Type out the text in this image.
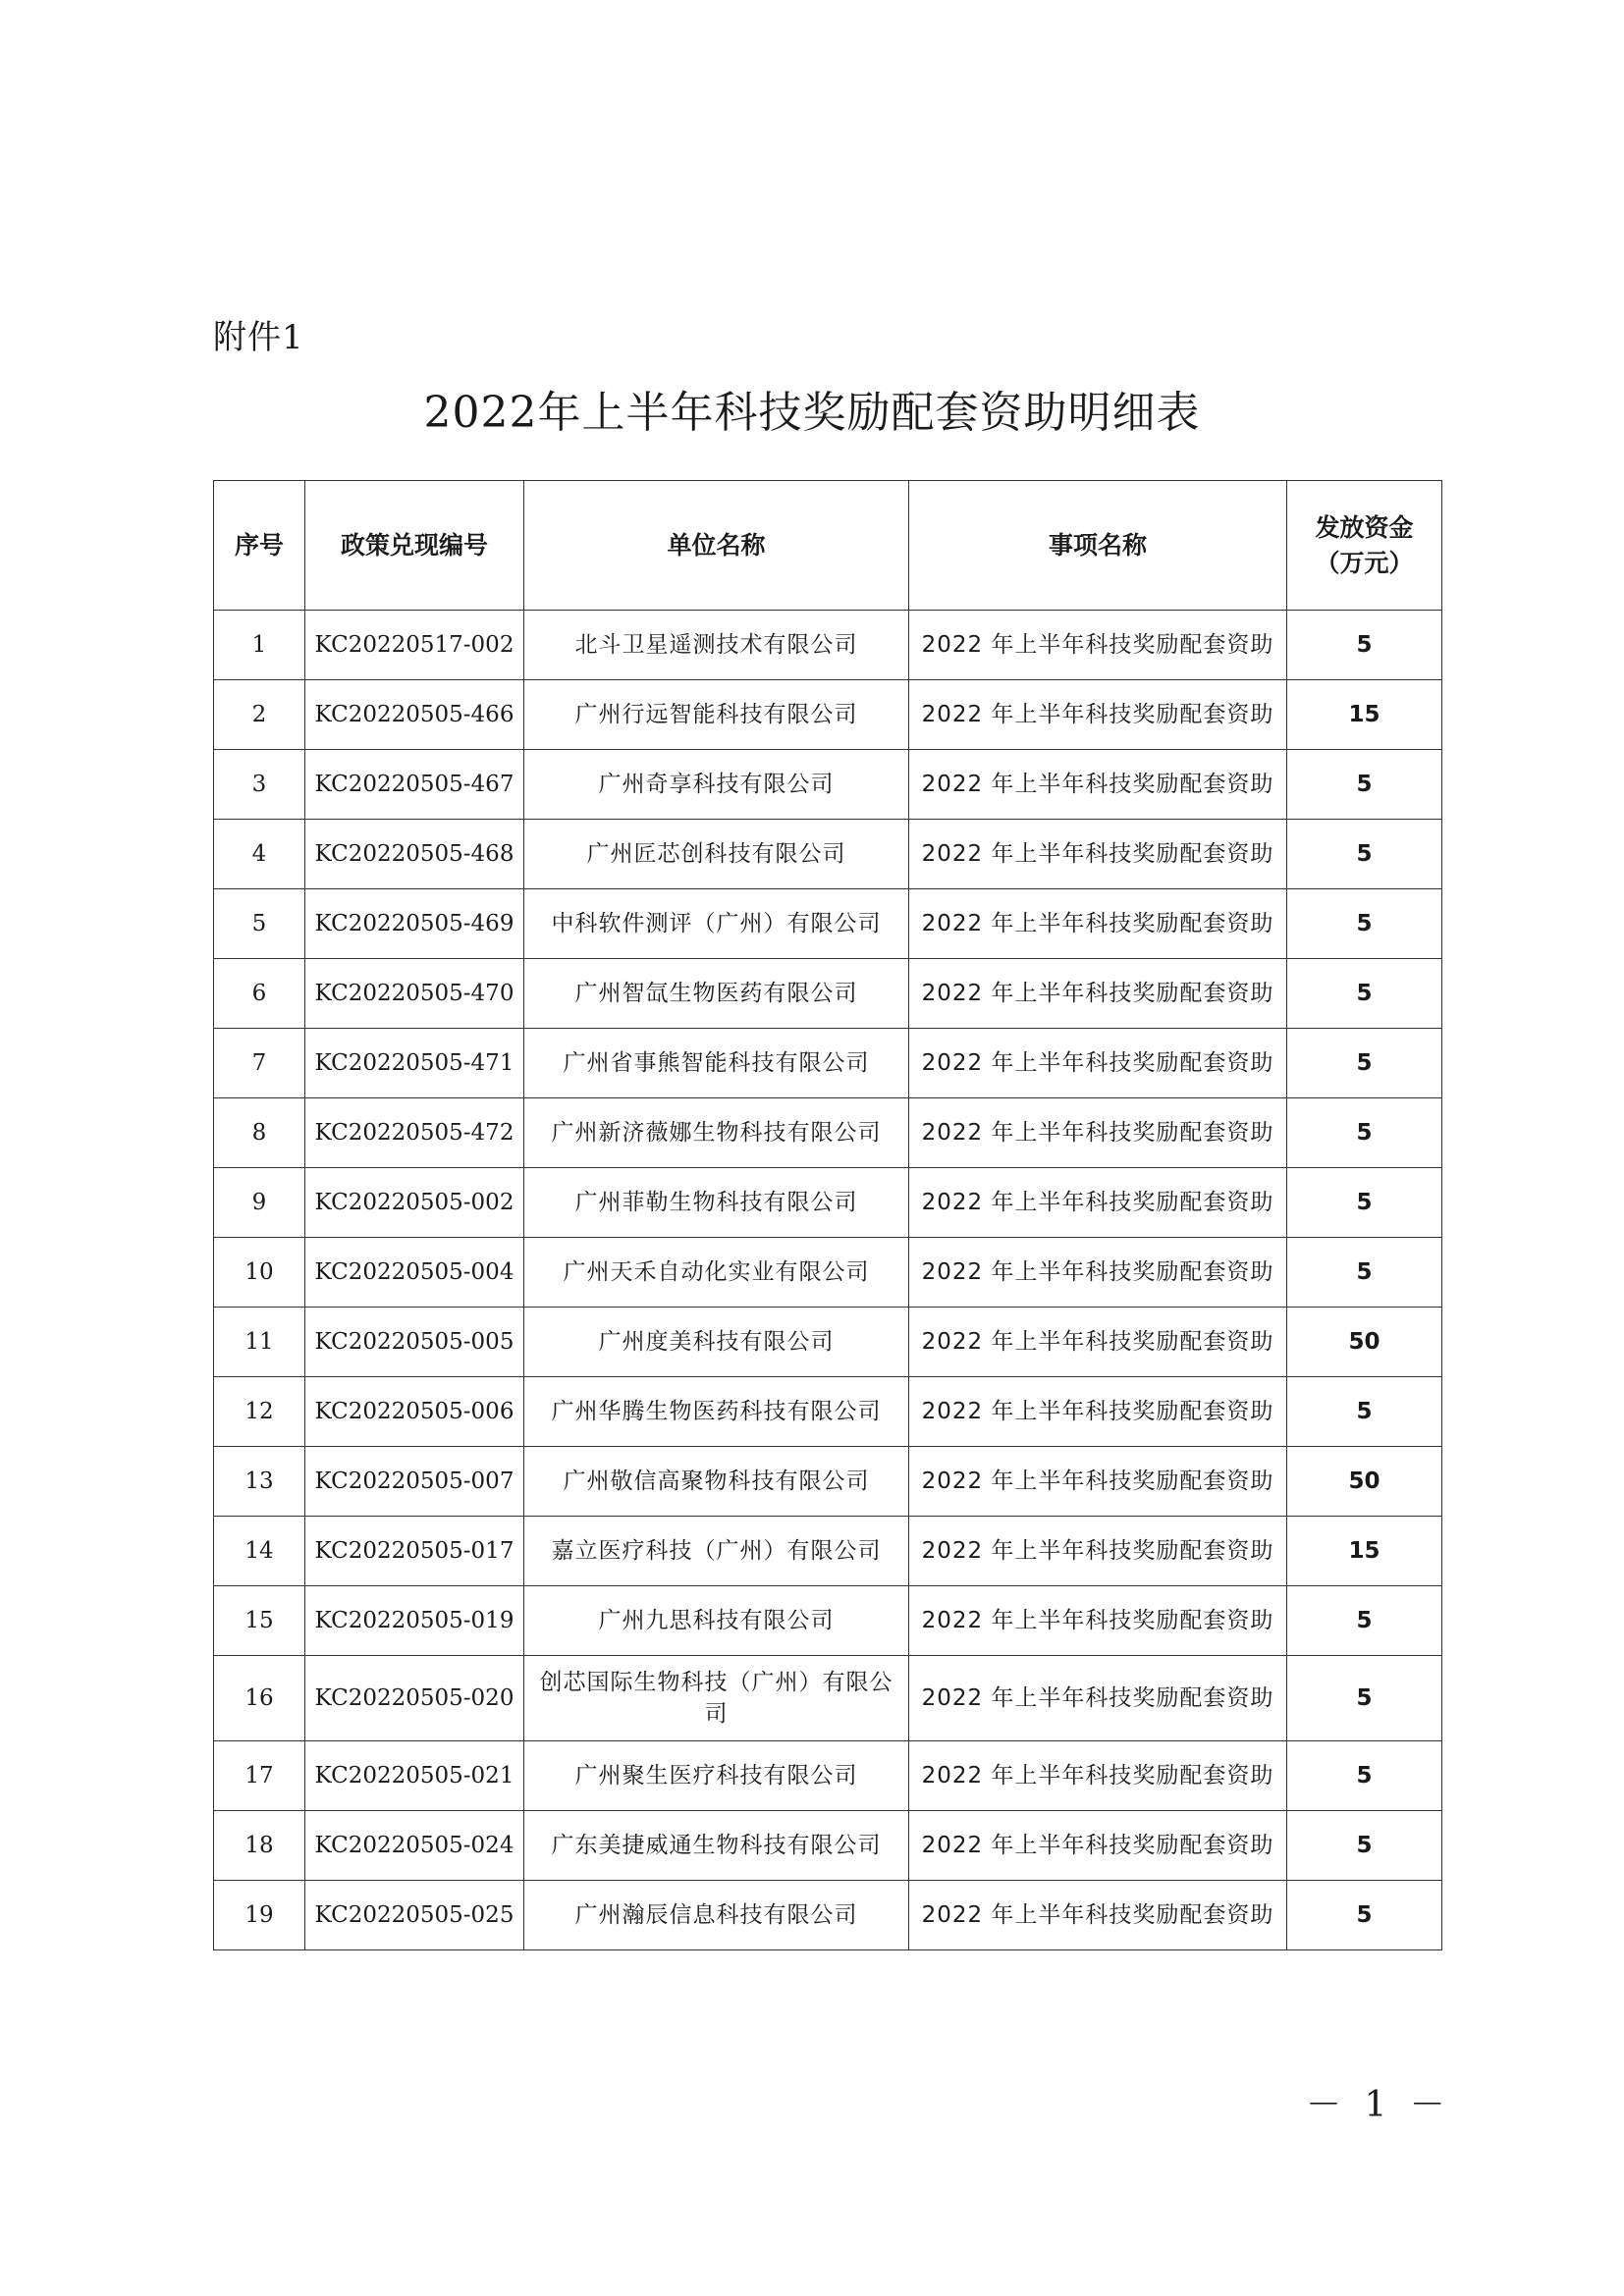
附件1
2022年上半年科技奖励配套资助明细表
序号	政策兑现编号	单位名称	事项名称	发放资金
（万元）

1	KC20220517-002	北斗卫星遥测技术有限公司	2022 年上半年科技奖励配套资助	5
2	KC20220505-466	广州行远智能科技有限公司	2022 年上半年科技奖励配套资助	15
3	KC20220505-467	广州奇享科技有限公司	2022 年上半年科技奖励配套资助	5
4	KC20220505-468	广州匠芯创科技有限公司	2022 年上半年科技奖励配套资助	5
5	KC20220505-469	中科软件测评（广州）有限公司	2022 年上半年科技奖励配套资助	5
6	KC20220505-470	广州智氙生物医药有限公司	2022 年上半年科技奖励配套资助	5
7	KC20220505-471	广州省事熊智能科技有限公司	2022 年上半年科技奖励配套资助	5
8	KC20220505-472	广州新济薇娜生物科技有限公司	2022 年上半年科技奖励配套资助	5
9	KC20220505-002	广州菲勒生物科技有限公司	2022 年上半年科技奖励配套资助	5
10	KC20220505-004	广州天禾自动化实业有限公司	2022 年上半年科技奖励配套资助	5
11	KC20220505-005	广州度美科技有限公司	2022 年上半年科技奖励配套资助	50
12	KC20220505-006	广州华腾生物医药科技有限公司	2022 年上半年科技奖励配套资助	5
13	KC20220505-007	广州敬信高聚物科技有限公司	2022 年上半年科技奖励配套资助	50
14	KC20220505-017	嘉立医疗科技（广州）有限公司	2022 年上半年科技奖励配套资助	15
15	KC20220505-019	广州九思科技有限公司	2022 年上半年科技奖励配套资助	5
16	KC20220505-020	创芯国际生物科技（广州）有限公司	2022 年上半年科技奖励配套资助	5
17	KC20220505-021	广州聚生医疗科技有限公司	2022 年上半年科技奖励配套资助	5
18	KC20220505-024	广东美捷威通生物科技有限公司	2022 年上半年科技奖励配套资助	5
19	KC20220505-025	广州瀚辰信息科技有限公司	2022 年上半年科技奖励配套资助	5
－ 1 －
